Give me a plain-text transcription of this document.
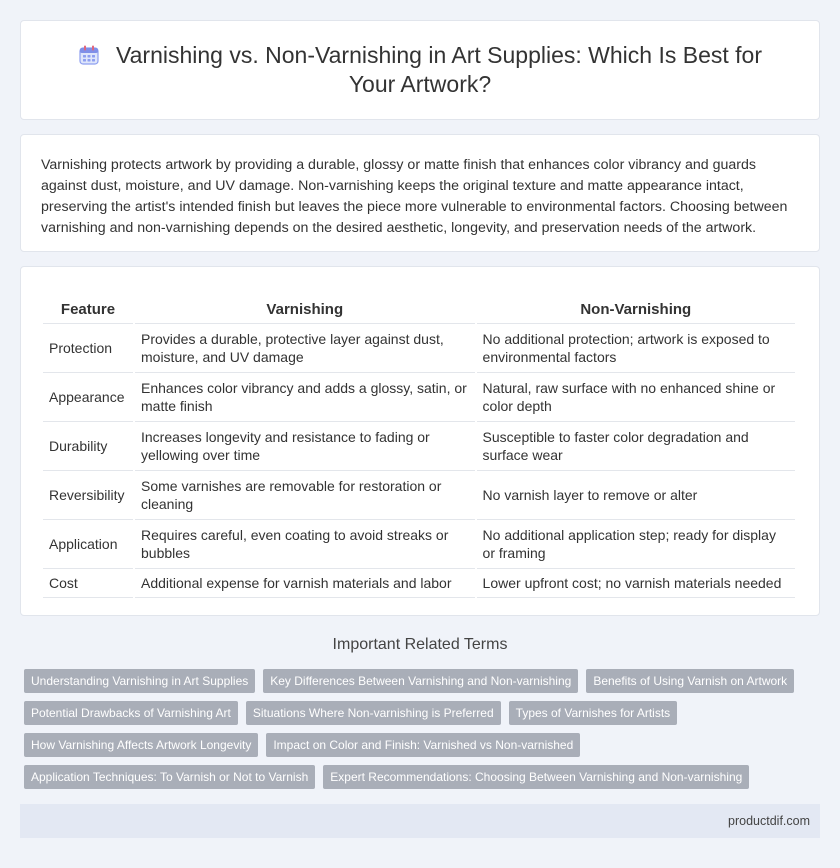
Varnishing vs. Non-Varnishing in Art Supplies: Which Is Best for Your Artwork?
Varnishing protects artwork by providing a durable, glossy or matte finish that enhances color vibrancy and guards against dust, moisture, and UV damage. Non-varnishing keeps the original texture and matte appearance intact, preserving the artist's intended finish but leaves the piece more vulnerable to environmental factors. Choosing between varnishing and non-varnishing depends on the desired aesthetic, longevity, and preservation needs of the artwork.
Feature	Varnishing	Non-Varnishing
Protection	Provides a durable, protective layer against dust, moisture, and UV damage	No additional protection; artwork is exposed to environmental factors
Appearance	Enhances color vibrancy and adds a glossy, satin, or matte finish	Natural, raw surface with no enhanced shine or color depth
Durability	Increases longevity and resistance to fading or yellowing over time	Susceptible to faster color degradation and surface wear
Reversibility	Some varnishes are removable for restoration or cleaning	No varnish layer to remove or alter
Application	Requires careful, even coating to avoid streaks or bubbles	No additional application step; ready for display or framing
Cost	Additional expense for varnish materials and labor	Lower upfront cost; no varnish materials needed
Important Related Terms
Understanding Varnishing in Art Supplies	Key Differences Between Varnishing and Non-varnishing	Benefits of Using Varnish on Artwork
Potential Drawbacks of Varnishing Art	Situations Where Non-varnishing is Preferred	Types of Varnishes for Artists
How Varnishing Affects Artwork Longevity	Impact on Color and Finish: Varnished vs Non-varnished
Application Techniques: To Varnish or Not to Varnish	Expert Recommendations: Choosing Between Varnishing and Non-varnishing
productdif.com
